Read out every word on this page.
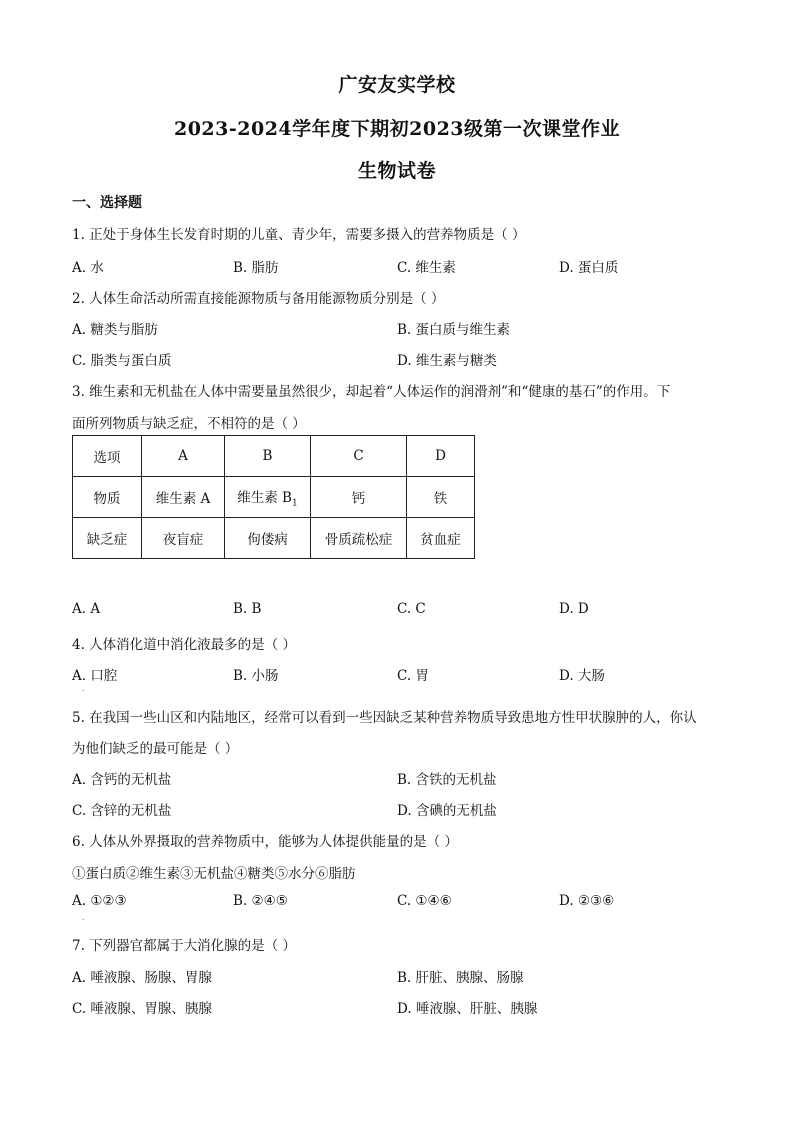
广安友实学校
2023-2024学年度下期初2023级第一次课堂作业
生物试卷
一、选择题
1. 正处于身体生长发育时期的儿童、青少年，需要多摄入的营养物质是（ ）
A. 水	B. 脂肪	C. 维生素	D. 蛋白质
2. 人体生命活动所需直接能源物质与备用能源物质分别是（ ）
A. 糖类与脂肪	B. 蛋白质与维生素
C. 脂类与蛋白质	D. 维生素与糖类
3. 维生素和无机盐在人体中需要量虽然很少，却起着“人体运作的润滑剂”和“健康的基石”的作用。下
面所列物质与缺乏症，不相符的是（ ）
选项	A	B	C	D
物质	维生素 A	维生素 $B_1$	钙	铁
缺乏症	夜盲症	佝偻病	骨质疏松症	贫血症
A. A	B. B	C. C	D. D
4. 人体消化道中消化液最多的是（ ）
A. 口腔	B. 小肠	C. 胃	D. 大肠
.
5. 在我国一些山区和内陆地区，经常可以看到一些因缺乏某种营养物质导致患地方性甲状腺肿的人，你认
为他们缺乏的最可能是（ ）
A. 含钙的无机盐	B. 含铁的无机盐
C. 含锌的无机盐	D. 含碘的无机盐
6. 人体从外界摄取的营养物质中，能够为人体提供能量的是（ ）
①蛋白质②维生素③无机盐④糖类⑤水分⑥脂肪
A. ①②③	B. ②④⑤	C. ①④⑥	D. ②③⑥
.
7. 下列器官都属于大消化腺的是（ ）
A. 唾液腺、肠腺、胃腺	B. 肝脏、胰腺、肠腺
C. 唾液腺、胃腺、胰腺	D. 唾液腺、肝脏、胰腺
